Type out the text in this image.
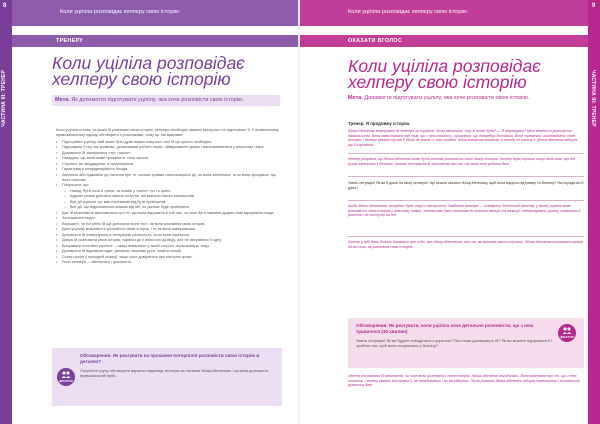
8
ЧАСТИНА III: ТРЕНЕР
Коли уцілілa розповідає хелперу свою історію
ТРЕНЕРУ
Коли уціліла розповідає хелперу свою історію
Мета. Як допомогти підготувати уцілілу, яка хоче розповісти свою історію.

Коли уціліла готова, чи може їй розказати свою історію, хелпери необхідно уважно вислухати та підготувати її. У правильному правозахисному підході обговорить з учасниками, чому це так важливо:

• Підготувати уцілілу, якій може бути дуже важко говорити, але їй це просто необхідно.
• Підтримати її під час розмови, дозволивши робити паузи, обміркованих даних і висловлюватися у власному темпі.
• Допомогти їй залишатися «тут і зараз».
• Нагадати, що вона може припинити, коли захоче.
• Слухати, не засуджуючи, а підтримуючи.
• Гарантувати конфіденційність бесіди.
• Запитати або підказати до питання про те, скільки травми насильницької дії, як вона змінилася, та як вона зрозуміла, що вона посилає.
• Попросити, що:
– Назад, бути хоча б трохи, та мовби у «коло» тут і є цінно.
– Будемо разом ділитися наших почуттів, які зазнали такого насильства.
– Все дії уцілілої тут має перевагою від бути прийнятим.
– Все дії, що відрізняються жінкою від неї, не раніше буде прийнятна.
• Дає їй можливість висловитися про те, що вона відчувала в той час, чи хоче бути навчена додати нові міркування сюди.
• Залишатися поруч.
• Вирішити, чи потрібно їй ще допомога після того, як вона розповіла свою історію.
• Дати уцілілій можливість розповісти свою історію, і те як вона завершилась.
• Допомогти їй повернутися в теперішню реальність, коли вона закінчила.
• Дякую їй розповісти свою історію, вдаючи до її власного досвіду, але не висуваючи її одну.
• Виправити стосовно уцілілої — якщо виявляєте у своїй стороні, ізольованість тощо.
• Допомогти їй відновити вдих, дихання, можливі рухи, знайти спокій.
• Стати рухом у прохідній позиції, якщо хоче довіритися про наступні кроки.
• Роль хелпера — вислухати і допомогти.
ДИСКУСІЯ
Обговорення. Як реагувати на прохання потерпілої розповісти свою історію в деталях?
Попросіть групу обговорити варіанти відповіді хелпера на питання Жінки-Метелика, і як вона допомогти правозахисній прібі.
9
ЧАСТИНА III: ТРЕНЕР
Коли уціліла розповідає хелперу свою історію
ОКАЗАТИ ВГОЛОС
Коли уціліла розповідає хелперу свою історію
Мета. Допомогти підготувати уцілілу, яка хоче розповісти свою історію.
Тренер. Я продовжу історію.
Жінка-Метелик звернулася до хелпера за порадою. Вона запитала: «Що зі мною буде? — Я обговорюю? Мені хочеться розповісти навколишнім. Вона замислилася над тим, що з нею сталося, і зрозуміла, що потребує допомоги. Вона тремтіла, розповідаючи свою історію, і хелпер уважно слухав її. Вона не знала, з чого почати. Вона говорила повільно, а хелпер не квапив її. Жінка-Метелик відчула, що її слухають.
Хелпер розуміла, що Жінка-Метелик може бути готова розповісти свою повну історію. Хелпер була хороша, якщо вона знає, що від цього залежить її безпека. Хелпер поставила їй запитання про те, що вона хоче робити далі.
Уявіть ситуацію! Як ви б діяли на місці хелпера? Що можна сказати Жінці-Метелику, щоб вона відчула підтримку та безпеку? Які поради ви б дали?
Щодо Жінки-Метелика: потрібно бути поруч і вислухати. Завдання хелпера — створити безпечний простір, у якому уціліла може розповісти свою історію у власному темпі. Хелпер має бути готовим до сильних емоцій та реакцій, підтримувати уцілілу, поважати її рішення і не тиснути на неї.
Хелпер у цей день більше дізналася про себе, про Жінку-Метелика, про те, як важливо вміти слухати. Жінка-Метелик почувалася краще після того, як розповіла свою історію.
ДИСКУСІЯ
Обговорення. Як реагувати, коли уціліла хоче детально розповісти, що з нею трапилося (30 хвилин)
Уявіть ситуацію! Як ви будете поводитися з уцілілою? Які слова допоможуть їй? Як ви можете підтримати її і зробити так, щоб вона почувалася у безпеці?
Хелпер поставила їй запитання, чи хоче вона розповісти свою історію. Жінка-Метелик погодилась. Вона розповіла про те, що з нею сталося, і хелпер уважно вислухала її, не перебиваючи і не засуджуючи. Після розмови Жінка-Метелик відчула полегшення і готовність рухатися далі.
